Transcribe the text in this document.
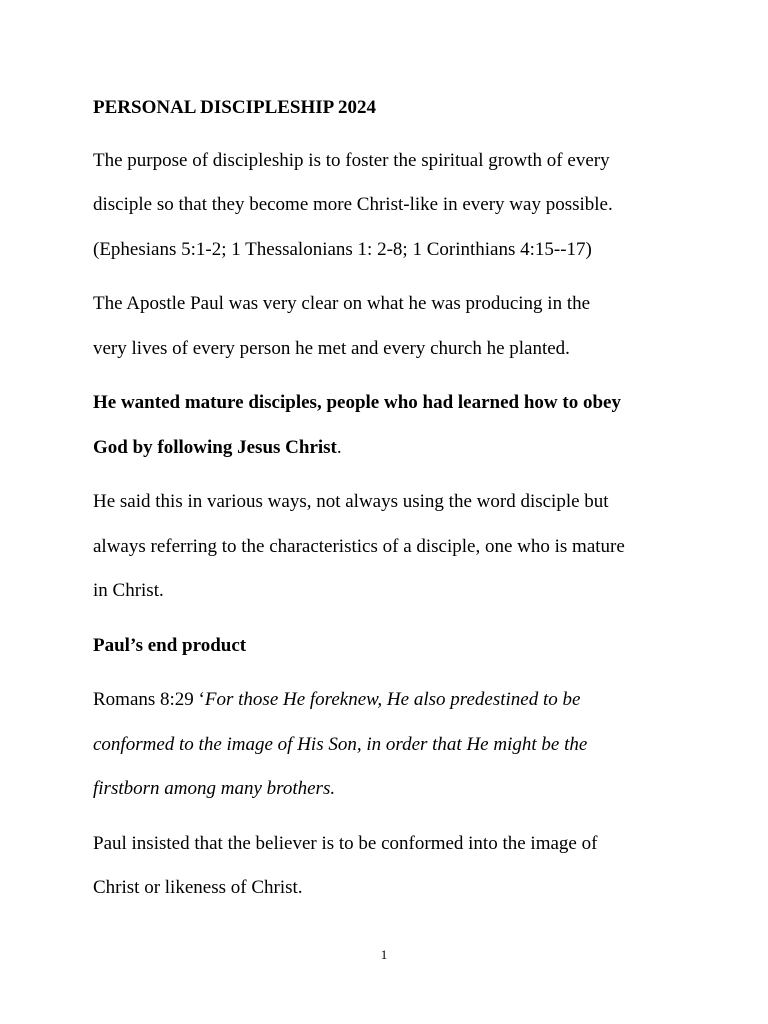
PERSONAL DISCIPLESHIP 2024
The purpose of discipleship is to foster the spiritual growth of every
disciple so that they become more Christ-like in every way possible.
(Ephesians 5:1-2; 1 Thessalonians 1: 2-8; 1 Corinthians 4:15--17)
The Apostle Paul was very clear on what he was producing in the
very lives of every person he met and every church he planted.
He wanted mature disciples, people who had learned how to obey
God by following Jesus Christ.
He said this in various ways, not always using the word disciple but
always referring to the characteristics of a disciple, one who is mature
in Christ.
Paul’s end product
Romans 8:29 ‘For those He foreknew, He also predestined to be
conformed to the image of His Son, in order that He might be the
firstborn among many brothers.
Paul insisted that the believer is to be conformed into the image of
Christ or likeness of Christ.
1
